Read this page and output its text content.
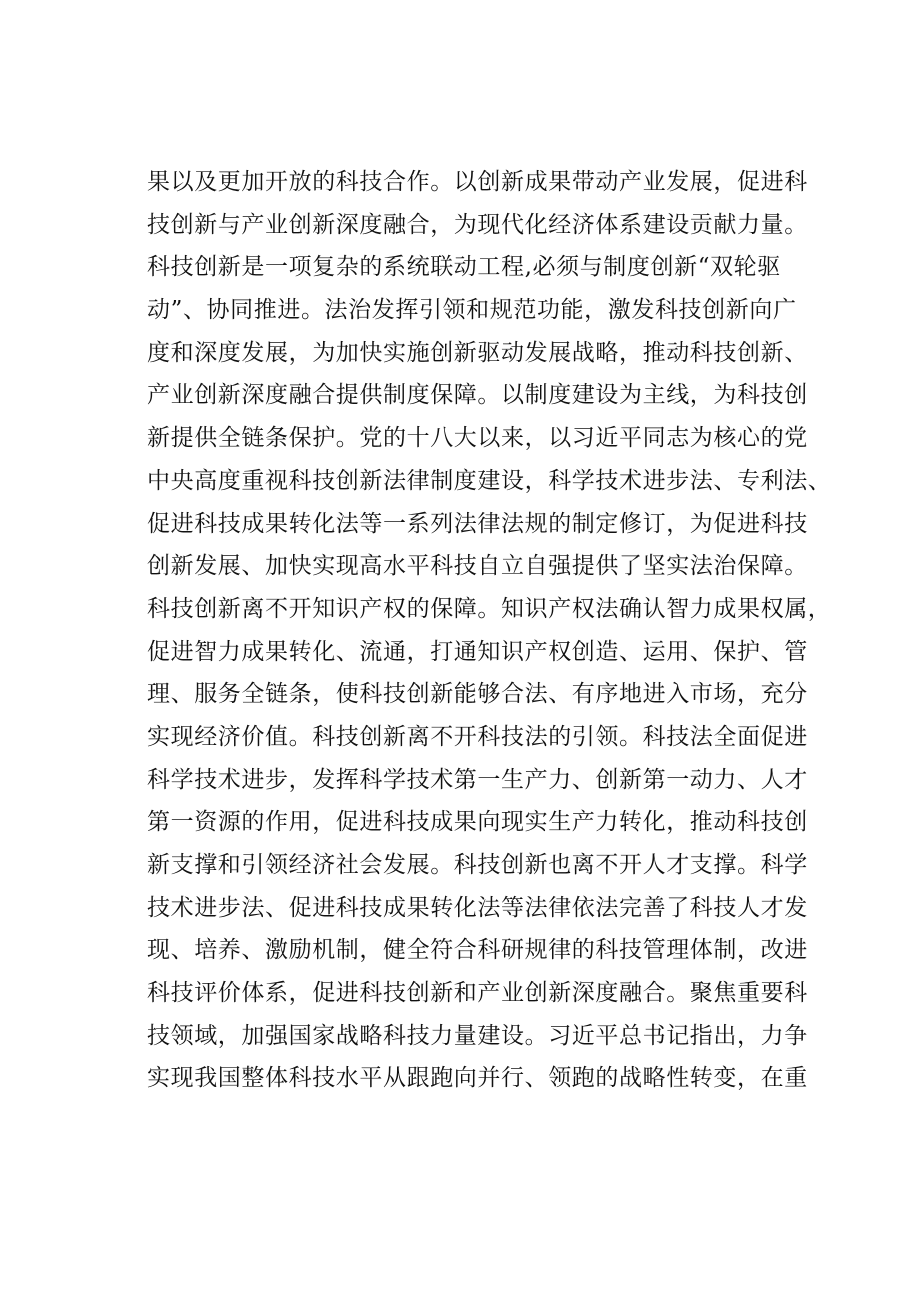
果以及更加开放的科技合作。以创新成果带动产业发展，促进科
技创新与产业创新深度融合，为现代化经济体系建设贡献力量。
科技创新是一项复杂的系统联动工程,必须与制度创新“双轮驱
动”、协同推进。法治发挥引领和规范功能，激发科技创新向广
度和深度发展，为加快实施创新驱动发展战略，推动科技创新、
产业创新深度融合提供制度保障。以制度建设为主线，为科技创
新提供全链条保护。党的十八大以来，以习近平同志为核心的党
中央高度重视科技创新法律制度建设，科学技术进步法、专利法、
促进科技成果转化法等一系列法律法规的制定修订，为促进科技
创新发展、加快实现高水平科技自立自强提供了坚实法治保障。
科技创新离不开知识产权的保障。知识产权法确认智力成果权属，
促进智力成果转化、流通，打通知识产权创造、运用、保护、管
理、服务全链条，使科技创新能够合法、有序地进入市场，充分
实现经济价值。科技创新离不开科技法的引领。科技法全面促进
科学技术进步，发挥科学技术第一生产力、创新第一动力、人才
第一资源的作用，促进科技成果向现实生产力转化，推动科技创
新支撑和引领经济社会发展。科技创新也离不开人才支撑。科学
技术进步法、促进科技成果转化法等法律依法完善了科技人才发
现、培养、激励机制，健全符合科研规律的科技管理体制，改进
科技评价体系，促进科技创新和产业创新深度融合。聚焦重要科
技领域，加强国家战略科技力量建设。习近平总书记指出，力争
实现我国整体科技水平从跟跑向并行、领跑的战略性转变，在重
